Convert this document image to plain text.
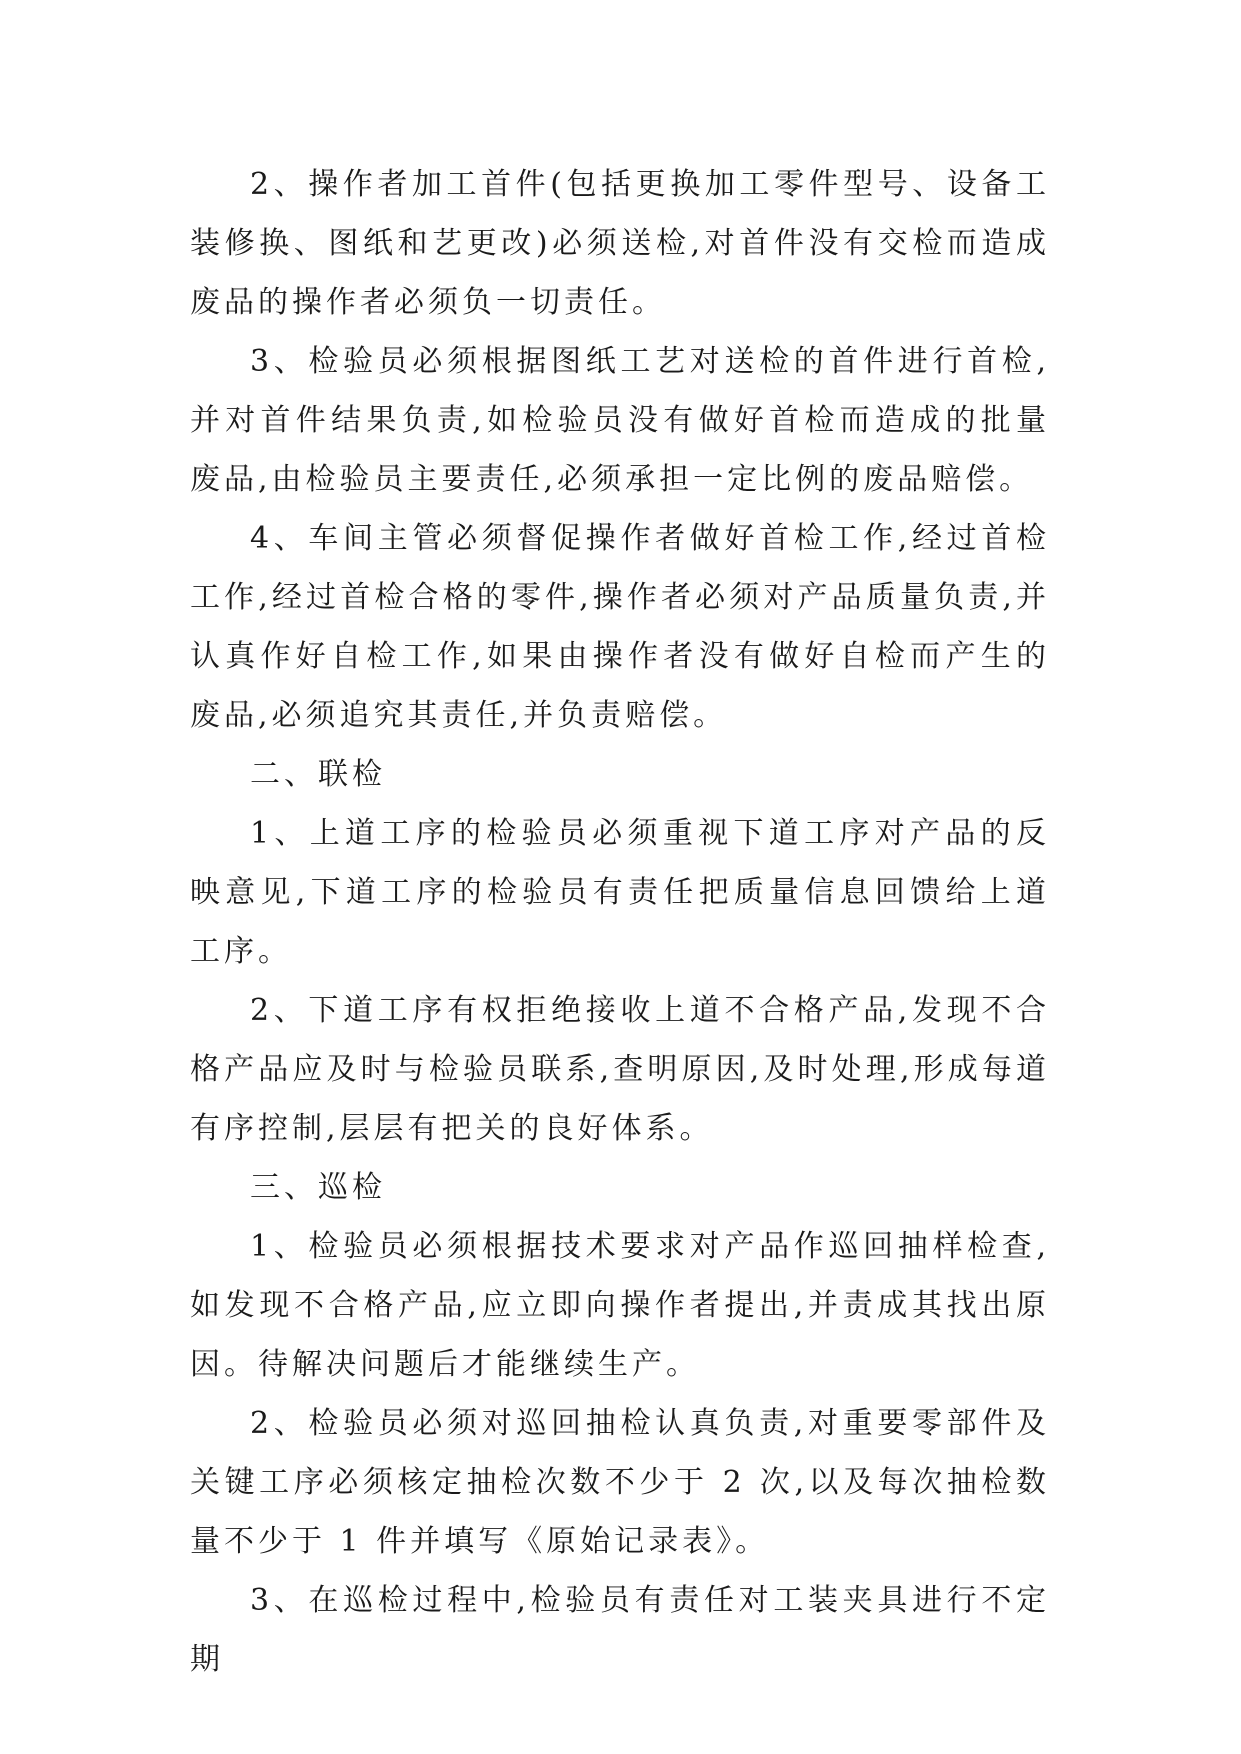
2、操作者加工首件(包括更换加工零件型号、设备工装修换、图纸和艺更改)必须送检,对首件没有交检而造成废品的操作者必须负一切责任。

3、检验员必须根据图纸工艺对送检的首件进行首检,并对首件结果负责,如检验员没有做好首检而造成的批量废品,由检验员主要责任,必须承担一定比例的废品赔偿。

4、车间主管必须督促操作者做好首检工作,经过首检工作,经过首检合格的零件,操作者必须对产品质量负责,并认真作好自检工作,如果由操作者没有做好自检而产生的废品,必须追究其责任,并负责赔偿。

二、联检

1、上道工序的检验员必须重视下道工序对产品的反映意见,下道工序的检验员有责任把质量信息回馈给上道工序。

2、下道工序有权拒绝接收上道不合格产品,发现不合格产品应及时与检验员联系,查明原因,及时处理,形成每道有序控制,层层有把关的良好体系。

三、巡检

1、检验员必须根据技术要求对产品作巡回抽样检查,如发现不合格产品,应立即向操作者提出,并责成其找出原因。待解决问题后才能继续生产。

2、检验员必须对巡回抽检认真负责,对重要零部件及关键工序必须核定抽检次数不少于 2 次,以及每次抽检数量不少于 1 件并填写《原始记录表》。

3、在巡检过程中,检验员有责任对工装夹具进行不定期
